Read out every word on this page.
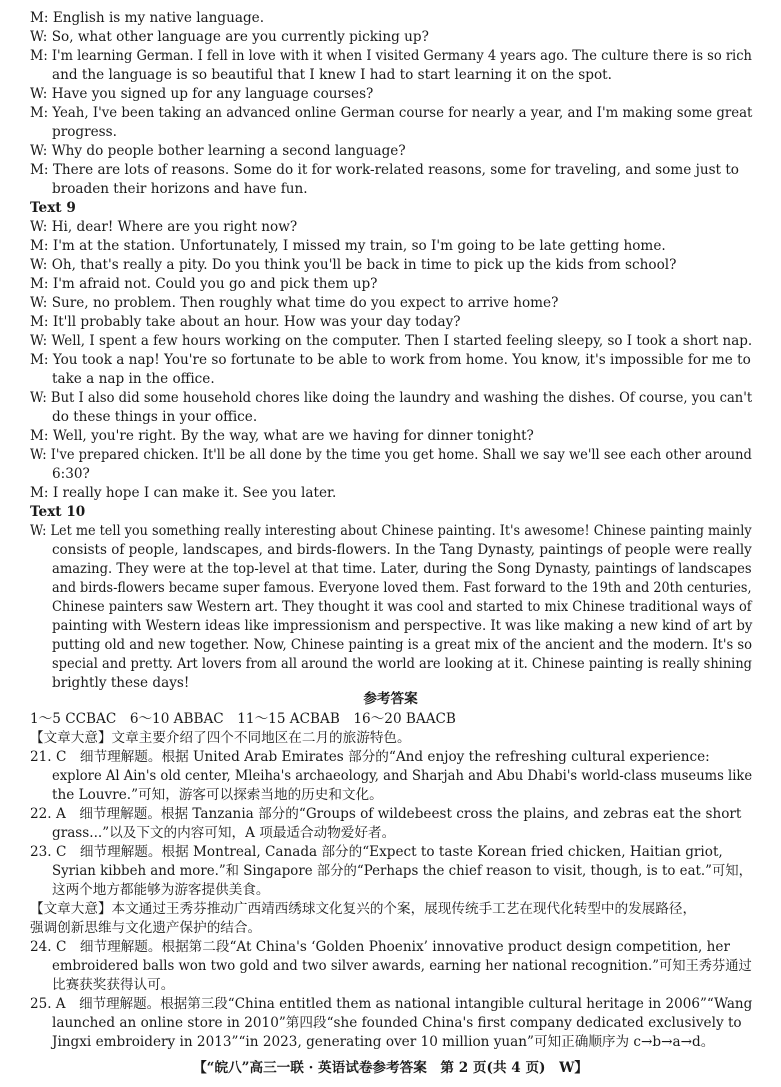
M: English is my native language.
W: So, what other language are you currently picking up?
M: I'm learning German. I fell in love with it when I visited Germany 4 years ago. The culture there is so rich
and the language is so beautiful that I knew I had to start learning it on the spot.
W: Have you signed up for any language courses?
M: Yeah, I've been taking an advanced online German course for nearly a year, and I'm making some great
progress.
W: Why do people bother learning a second language?
M: There are lots of reasons. Some do it for work-related reasons, some for traveling, and some just to
broaden their horizons and have fun.
Text 9
W: Hi, dear! Where are you right now?
M: I'm at the station. Unfortunately, I missed my train, so I'm going to be late getting home.
W: Oh, that's really a pity. Do you think you'll be back in time to pick up the kids from school?
M: I'm afraid not. Could you go and pick them up?
W: Sure, no problem. Then roughly what time do you expect to arrive home?
M: It'll probably take about an hour. How was your day today?
W: Well, I spent a few hours working on the computer. Then I started feeling sleepy, so I took a short nap.
M: You took a nap! You're so fortunate to be able to work from home. You know, it's impossible for me to
take a nap in the office.
W: But I also did some household chores like doing the laundry and washing the dishes. Of course, you can't
do these things in your office.
M: Well, you're right. By the way, what are we having for dinner tonight?
W: I've prepared chicken. It'll be all done by the time you get home. Shall we say we'll see each other around
6:30?
M: I really hope I can make it. See you later.
Text 10
W: Let me tell you something really interesting about Chinese painting. It's awesome! Chinese painting mainly
consists of people, landscapes, and birds-flowers. In the Tang Dynasty, paintings of people were really
amazing. They were at the top-level at that time. Later, during the Song Dynasty, paintings of landscapes
and birds-flowers became super famous. Everyone loved them. Fast forward to the 19th and 20th centuries,
Chinese painters saw Western art. They thought it was cool and started to mix Chinese traditional ways of
painting with Western ideas like impressionism and perspective. It was like making a new kind of art by
putting old and new together. Now, Chinese painting is a great mix of the ancient and the modern. It's so
special and pretty. Art lovers from all around the world are looking at it. Chinese painting is really shining
brightly these days!
参考答案
1～5 CCBAC　6～10 ABBAC　11～15 ACBAB　16～20 BAACB
【文章大意】文章主要介绍了四个不同地区在二月的旅游特色。
21. C　细节理解题。根据 United Arab Emirates 部分的“And enjoy the refreshing cultural experience:
explore Al Ain's old center, Mleiha's archaeology, and Sharjah and Abu Dhabi's world-class museums like
the Louvre.”可知，游客可以探索当地的历史和文化。
22. A　细节理解题。根据 Tanzania 部分的“Groups of wildebeest cross the plains, and zebras eat the short
grass...”以及下文的内容可知，A 项最适合动物爱好者。
23. C　细节理解题。根据 Montreal, Canada 部分的“Expect to taste Korean fried chicken, Haitian griot,
Syrian kibbeh and more.”和 Singapore 部分的“Perhaps the chief reason to visit, though, is to eat.”可知，
这两个地方都能够为游客提供美食。
【文章大意】本文通过王秀芬推动广西靖西绣球文化复兴的个案，展现传统手工艺在现代化转型中的发展路径，
强调创新思维与文化遗产保护的结合。
24. C　细节理解题。根据第二段“At China's ‘Golden Phoenix’ innovative product design competition, her
embroidered balls won two gold and two silver awards, earning her national recognition.”可知王秀芬通过
比赛获奖获得认可。
25. A　细节理解题。根据第三段“China entitled them as national intangible cultural heritage in 2006”“Wang
launched an online store in 2010”第四段“she founded China's first company dedicated exclusively to
Jingxi embroidery in 2013”“in 2023, generating over 10 million yuan”可知正确顺序为 c→b→a→d。
【“皖八”高三一联 · 英语试卷参考答案　第 2 页(共 4 页)　W】
